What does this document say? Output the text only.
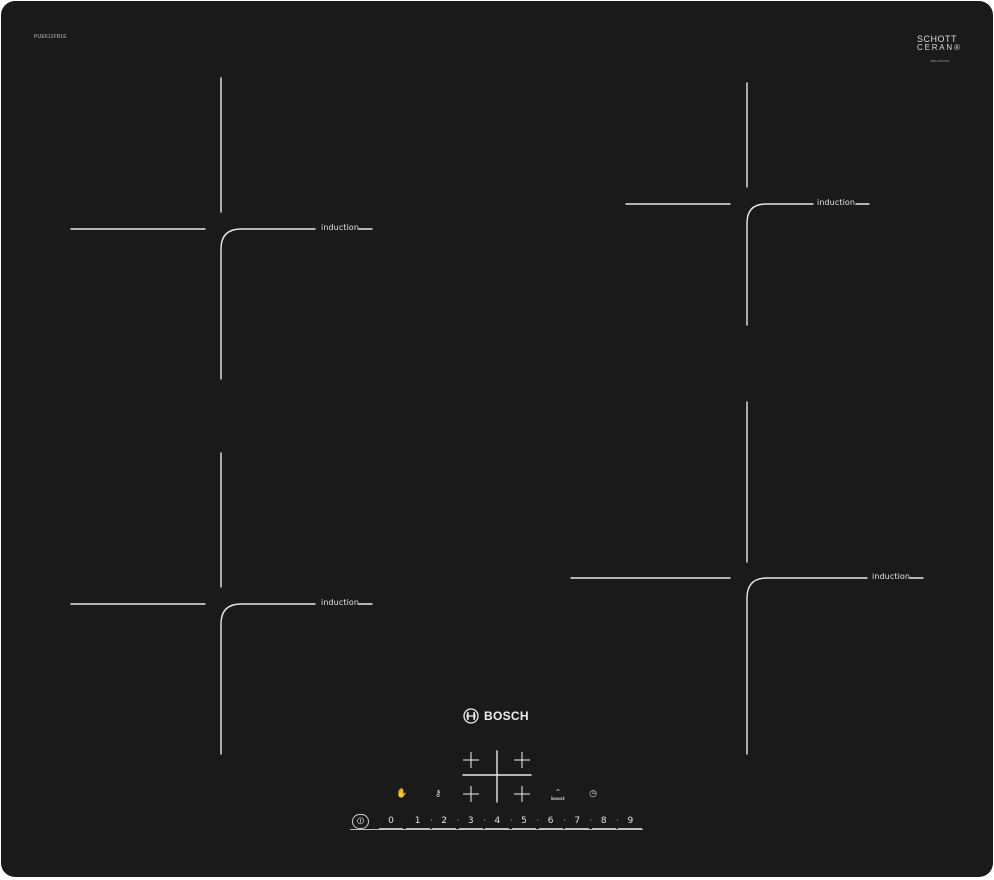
PUE611FB1E	SCHOTT
CERAN®
8001460700
induction
induction
induction
induction
BOSCH
✋	⚷	⌃
boost	◷
⏼	0	1	· 2	· 3	· 4	· 5	· 6	· 7	· 8	· 9
